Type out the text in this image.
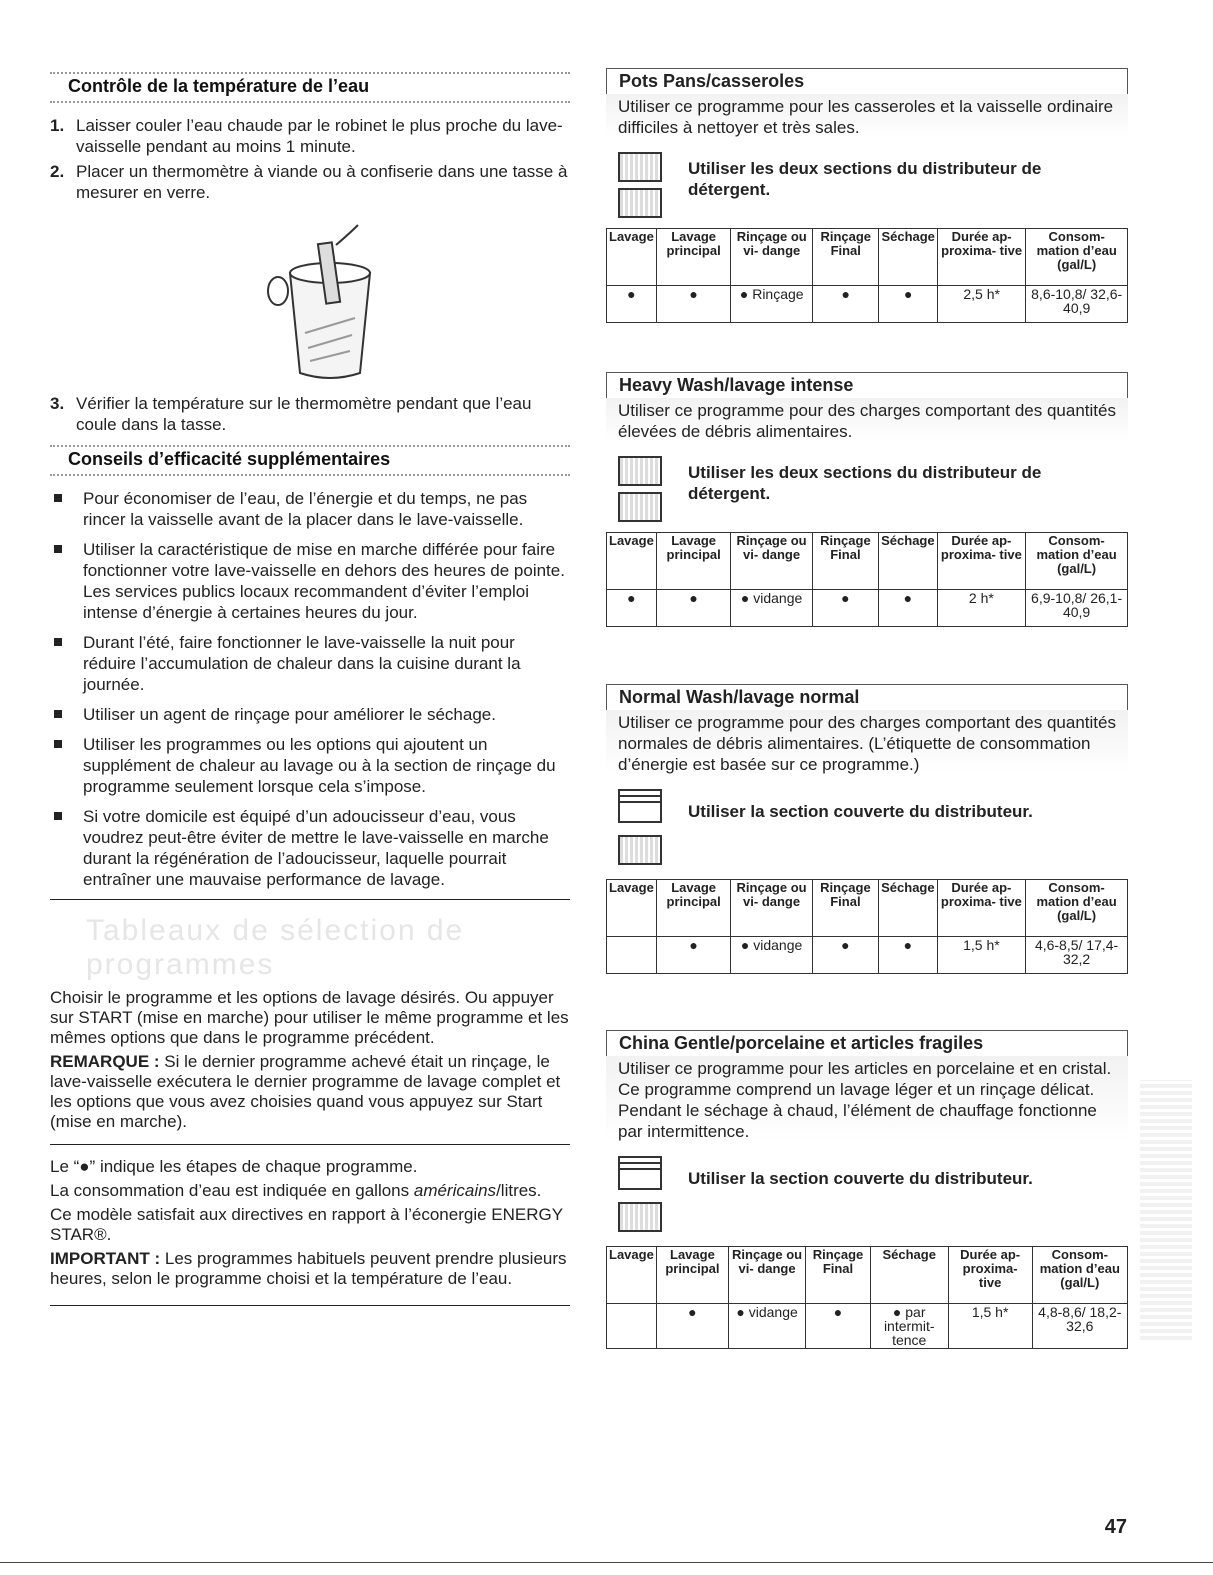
Contrôle de la température de l’eau
1. Laisser couler l’eau chaude par le robinet le plus proche du lave-vaisselle pendant au moins 1 minute.
2. Placer un thermomètre à viande ou à confiserie dans une tasse à mesurer en verre.
3. Vérifier la température sur le thermomètre pendant que l’eau coule dans la tasse.
Conseils d’efficacité supplémentaires
Pour économiser de l’eau, de l’énergie et du temps, ne pas rincer la vaisselle avant de la placer dans le lave-vaisselle.
Utiliser la caractéristique de mise en marche différée pour faire fonctionner votre lave-vaisselle en dehors des heures de pointe. Les services publics locaux recommandent d’éviter l’emploi intense d’énergie à certaines heures du jour.
Durant l’été, faire fonctionner le lave-vaisselle la nuit pour réduire l’accumulation de chaleur dans la cuisine durant la journée.
Utiliser un agent de rinçage pour améliorer le séchage.
Utiliser les programmes ou les options qui ajoutent un supplément de chaleur au lavage ou à la section de rinçage du programme seulement lorsque cela s’impose.
Si votre domicile est équipé d’un adoucisseur d’eau, vous voudrez peut-être éviter de mettre le lave-vaisselle en marche durant la régénération de l’adoucisseur, laquelle pourrait entraîner une mauvaise performance de lavage.
Tableaux de sélection de programmes

Choisir le programme et les options de lavage désirés. Ou appuyer sur START (mise en marche) pour utiliser le même programme et les mêmes options que dans le programme précédent.

REMARQUE : Si le dernier programme achevé était un rinçage, le lave-vaisselle exécutera le dernier programme de lavage complet et les options que vous avez choisies quand vous appuyez sur Start (mise en marche).

Le “●” indique les étapes de chaque programme.

La consommation d’eau est indiquée en gallons américains/litres.

Ce modèle satisfait aux directives en rapport à l’éconergie ENERGY STAR®.

IMPORTANT : Les programmes habituels peuvent prendre plusieurs heures, selon le programme choisi et la température de l’eau.

Pots Pans/casseroles
Utiliser ce programme pour les casseroles et la vaisselle ordinaire difficiles à nettoyer et très sales.
Utiliser les deux sections du distributeur de détergent.
Lavage	Lavage principal	Rinçage ou vi- dange	Rinçage Final	Séchage	Durée ap- proxima- tive	Consom- mation d’eau (gal/L)
●	●	● Rinçage	●	●	2,5 h*	8,6-10,8/ 32,6-40,9
Heavy Wash/lavage intense
Utiliser ce programme pour des charges comportant des quantités élevées de débris alimentaires.
Utiliser les deux sections du distributeur de détergent.
Lavage	Lavage principal	Rinçage ou vi- dange	Rinçage Final	Séchage	Durée ap- proxima- tive	Consom- mation d’eau (gal/L)
●	●	● vidange	●	●	2 h*	6,9-10,8/ 26,1-40,9
Normal Wash/lavage normal
Utiliser ce programme pour des charges comportant des quantités normales de débris alimentaires. (L’étiquette de consommation d’énergie est basée sur ce programme.)
Utiliser la section couverte du distributeur.
Lavage	Lavage principal	Rinçage ou vi- dange	Rinçage Final	Séchage	Durée ap- proxima- tive	Consom- mation d’eau (gal/L)
	●	● vidange	●	●	1,5 h*	4,6-8,5/ 17,4-32,2
China Gentle/porcelaine et articles fragiles
Utiliser ce programme pour les articles en porcelaine et en cristal. Ce programme comprend un lavage léger et un rinçage délicat. Pendant le séchage à chaud, l’élément de chauffage fonctionne par intermittence.
Utiliser la section couverte du distributeur.
Lavage	Lavage principal	Rinçage ou vi- dange	Rinçage Final	Séchage	Durée ap- proxima- tive	Consom- mation d’eau (gal/L)
	●	● vidange	●	● par intermit- tence	1,5 h*	4,8-8,6/ 18,2-32,6
47
